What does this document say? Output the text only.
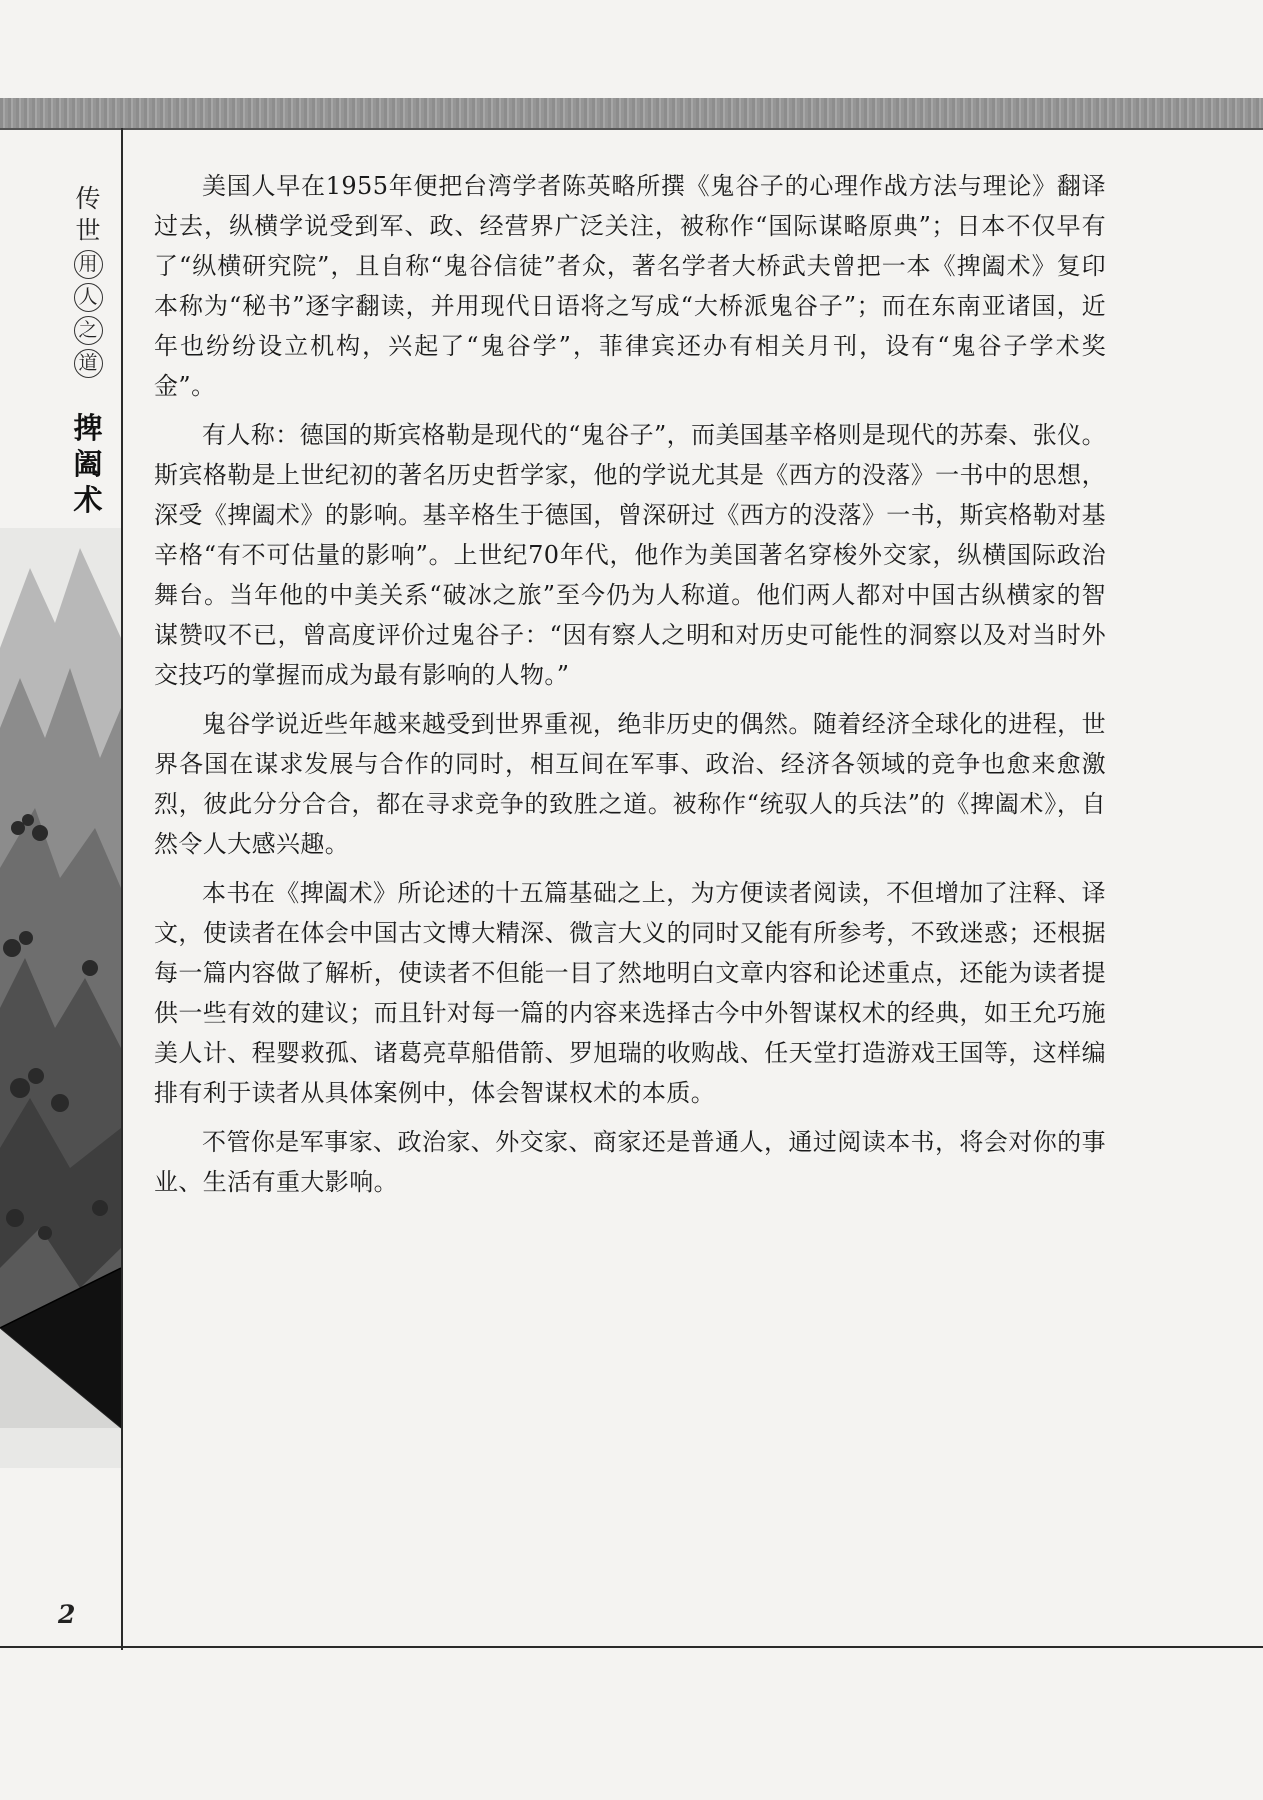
传
世
用
人
之
道
捭
阖
术
2

美国人早在1955年便把台湾学者陈英略所撰《鬼谷子的心理作战方法与理论》翻译过去，纵横学说受到军、政、经营界广泛关注，被称作“国际谋略原典”；日本不仅早有了“纵横研究院”，且自称“鬼谷信徒”者众，著名学者大桥武夫曾把一本《捭阖术》复印本称为“秘书”逐字翻读，并用现代日语将之写成“大桥派鬼谷子”；而在东南亚诸国，近年也纷纷设立机构，兴起了“鬼谷学”，菲律宾还办有相关月刊，设有“鬼谷子学术奖金”。

有人称：德国的斯宾格勒是现代的“鬼谷子”，而美国基辛格则是现代的苏秦、张仪。斯宾格勒是上世纪初的著名历史哲学家，他的学说尤其是《西方的没落》一书中的思想，深受《捭阖术》的影响。基辛格生于德国，曾深研过《西方的没落》一书，斯宾格勒对基辛格“有不可估量的影响”。上世纪70年代，他作为美国著名穿梭外交家，纵横国际政治舞台。当年他的中美关系“破冰之旅”至今仍为人称道。他们两人都对中国古纵横家的智谋赞叹不已，曾高度评价过鬼谷子：“因有察人之明和对历史可能性的洞察以及对当时外交技巧的掌握而成为最有影响的人物。”

鬼谷学说近些年越来越受到世界重视，绝非历史的偶然。随着经济全球化的进程，世界各国在谋求发展与合作的同时，相互间在军事、政治、经济各领域的竞争也愈来愈激烈，彼此分分合合，都在寻求竞争的致胜之道。被称作“统驭人的兵法”的《捭阖术》，自然令人大感兴趣。

本书在《捭阖术》所论述的十五篇基础之上，为方便读者阅读，不但增加了注释、译文，使读者在体会中国古文博大精深、微言大义的同时又能有所参考，不致迷惑；还根据每一篇内容做了解析，使读者不但能一目了然地明白文章内容和论述重点，还能为读者提供一些有效的建议；而且针对每一篇的内容来选择古今中外智谋权术的经典，如王允巧施美人计、程婴救孤、诸葛亮草船借箭、罗旭瑞的收购战、任天堂打造游戏王国等，这样编排有利于读者从具体案例中，体会智谋权术的本质。

不管你是军事家、政治家、外交家、商家还是普通人，通过阅读本书，将会对你的事业、生活有重大影响。
